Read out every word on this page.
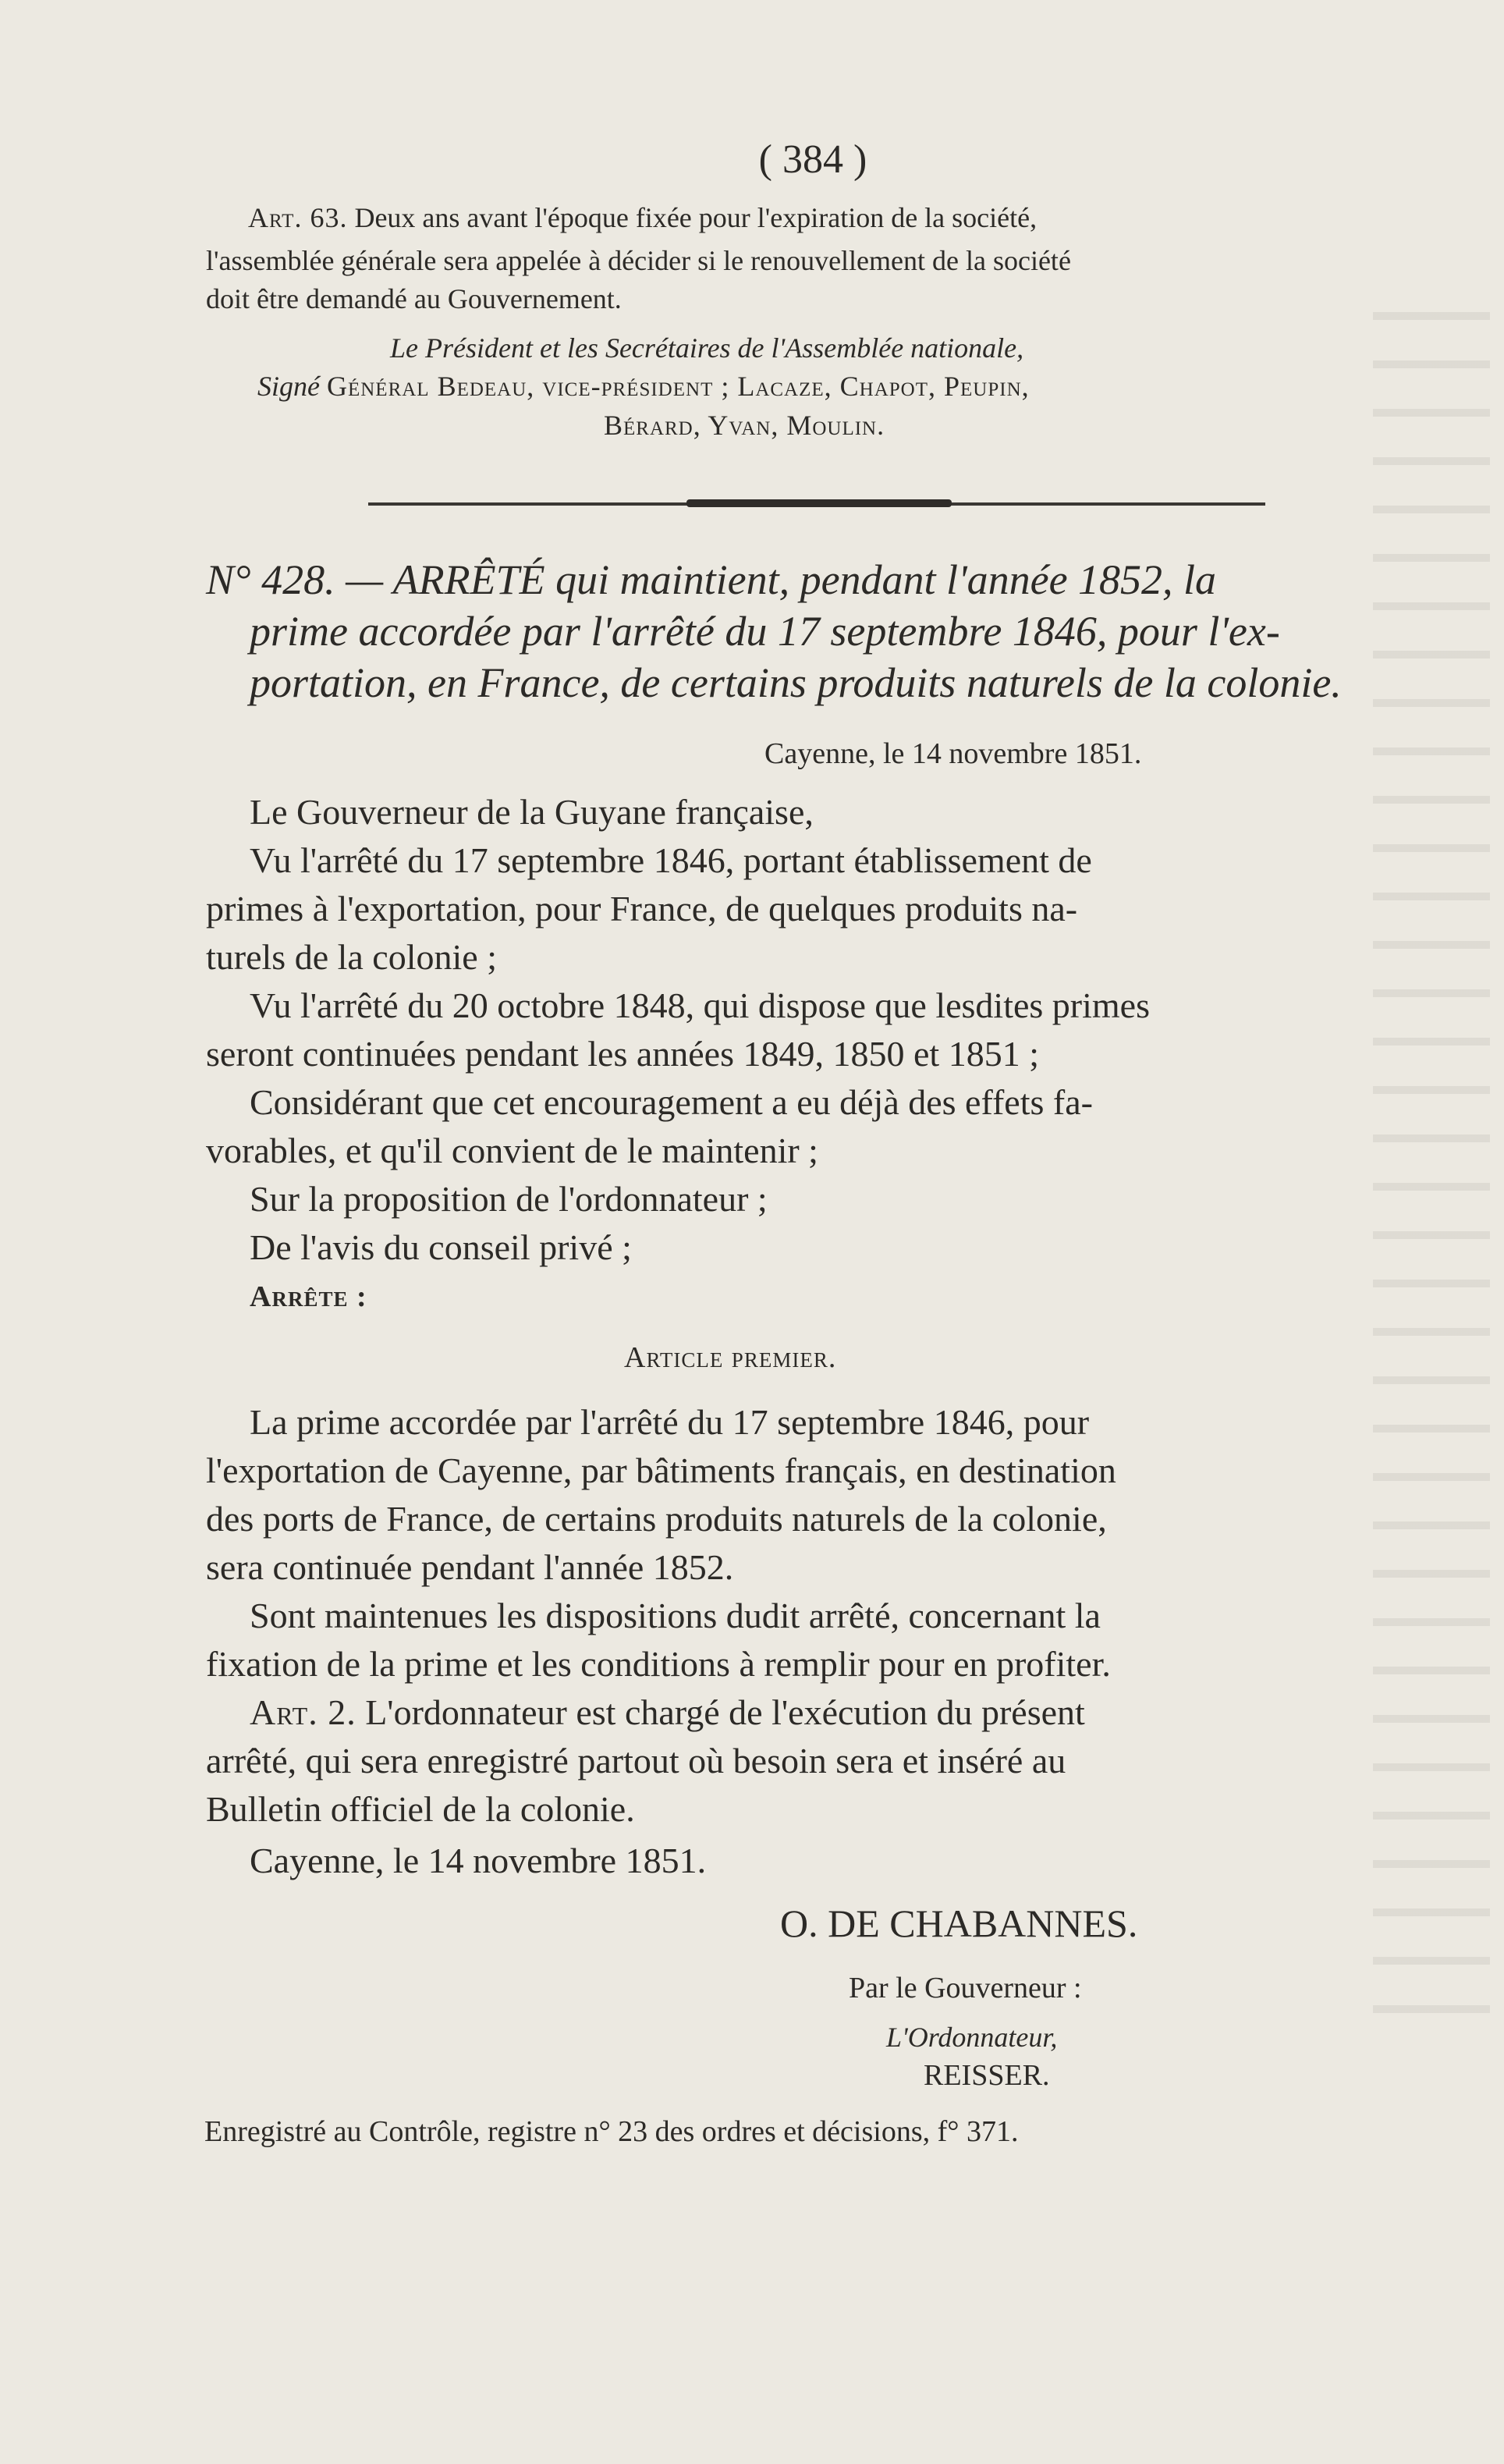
( 384 )
Art. 63. Deux ans avant l'époque fixée pour l'expiration de la société,
l'assemblée générale sera appelée à décider si le renouvellement de la société
doit être demandé au Gouvernement.
Le Président et les Secrétaires de l'Assemblée nationale,
Signé Général Bedeau, vice-président ; Lacaze, Chapot, Peupin,
Bérard, Yvan, Moulin.
N° 428. — ARRÊTÉ qui maintient, pendant l'année 1852, la
prime accordée par l'arrêté du 17 septembre 1846, pour l'ex-
portation, en France, de certains produits naturels de la colonie.
Cayenne, le 14 novembre 1851.
Le Gouverneur de la Guyane française,
Vu l'arrêté du 17 septembre 1846, portant établissement de
primes à l'exportation, pour France, de quelques produits na-
turels de la colonie ;
Vu l'arrêté du 20 octobre 1848, qui dispose que lesdites primes
seront continuées pendant les années 1849, 1850 et 1851 ;
Considérant que cet encouragement a eu déjà des effets fa-
vorables, et qu'il convient de le maintenir ;
Sur la proposition de l'ordonnateur ;
De l'avis du conseil privé ;
Arrête :
Article premier.
La prime accordée par l'arrêté du 17 septembre 1846, pour
l'exportation de Cayenne, par bâtiments français, en destination
des ports de France, de certains produits naturels de la colonie,
sera continuée pendant l'année 1852.
Sont maintenues les dispositions dudit arrêté, concernant la
fixation de la prime et les conditions à remplir pour en profiter.
Art. 2. L'ordonnateur est chargé de l'exécution du présent
arrêté, qui sera enregistré partout où besoin sera et inséré au
Bulletin officiel de la colonie.
Cayenne, le 14 novembre 1851.
O. DE CHABANNES.
Par le Gouverneur :
L'Ordonnateur,
REISSER.
Enregistré au Contrôle, registre n° 23 des ordres et décisions, f° 371.
